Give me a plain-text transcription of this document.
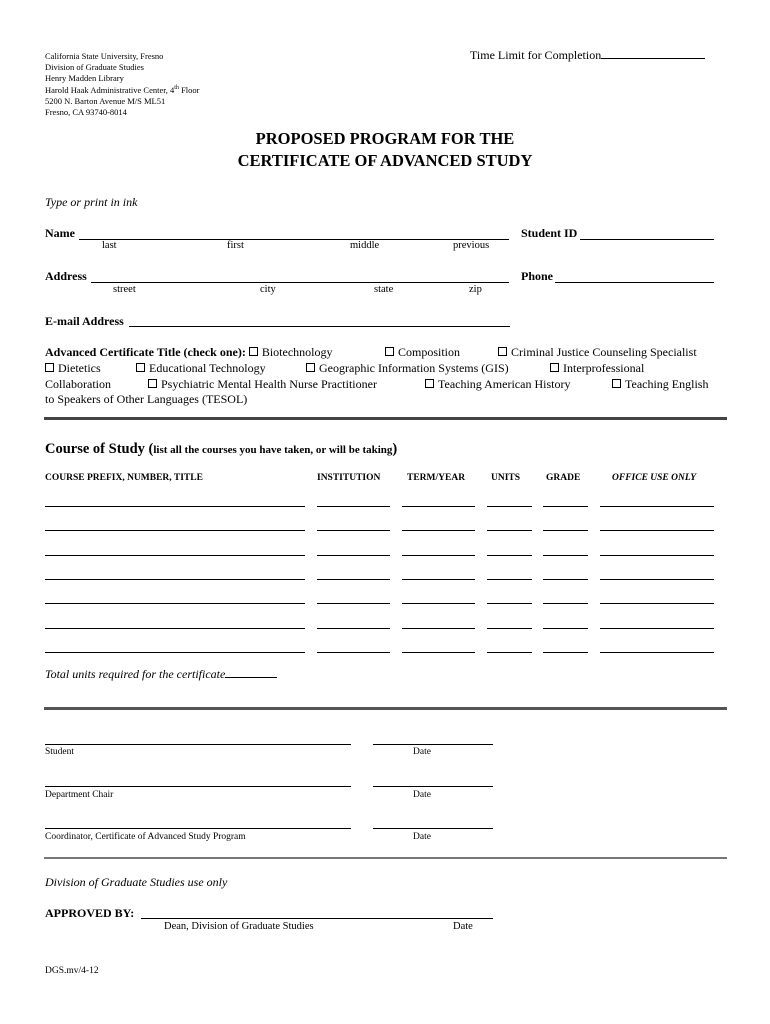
California State University, Fresno
Division of Graduate Studies
Henry Madden Library
Harold Haak Administrative Center, 4th Floor
5200 N. Barton Avenue M/S ML51
Fresno, CA 93740-8014
Time Limit for Completion
PROPOSED PROGRAM FOR THE
CERTIFICATE OF ADVANCED STUDY
Type or print in ink
Name
last	first	middle	previous
Student ID
Address
street	city	state	zip
Phone
E-mail Address
Advanced Certificate Title (check one): Biotechnology	Composition	Criminal Justice Counseling Specialist
Dietetics	Educational Technology	Geographic Information Systems (GIS)	Interprofessional
Collaboration	Psychiatric Mental Health Nurse Practitioner	Teaching American History	Teaching English
to Speakers of Other Languages (TESOL)
Course of Study (list all the courses you have taken, or will be taking)
COURSE PREFIX, NUMBER, TITLE	INSTITUTION	TERM/YEAR	UNITS	GRADE	OFFICE USE ONLY
Total units required for the certificate
Student	Date
Department Chair	Date
Coordinator, Certificate of Advanced Study Program	Date
Division of Graduate Studies use only
APPROVED BY:
Dean, Division of Graduate Studies	Date
DGS.mv/4-12
